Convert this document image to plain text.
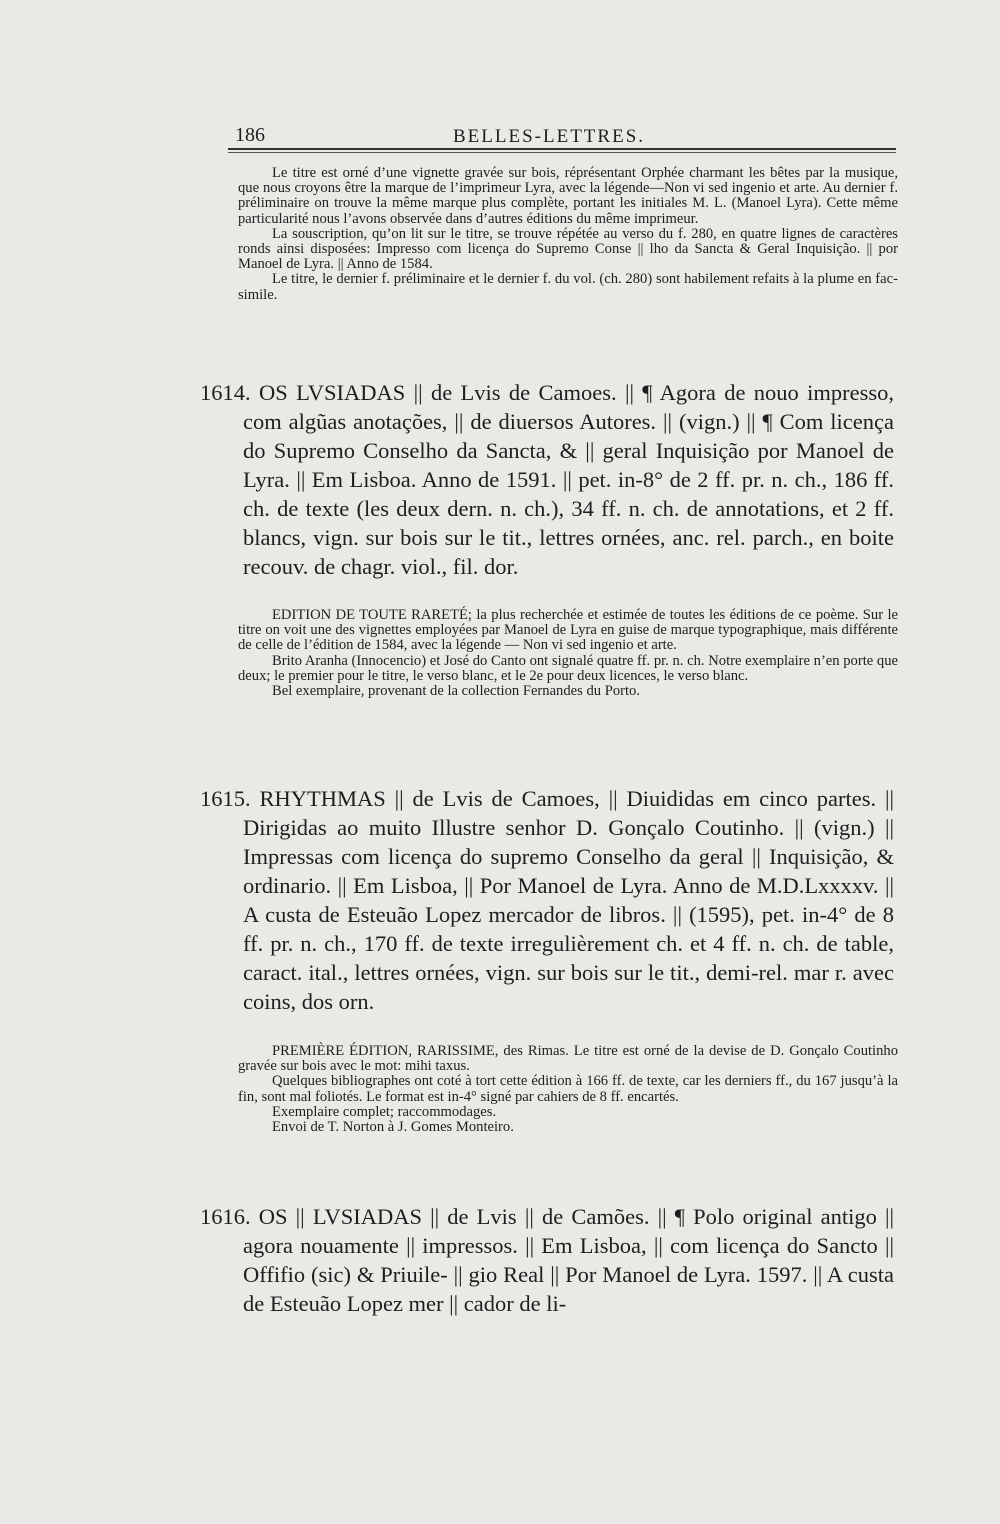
186	BELLES-LETTRES.

Le titre est orné d’une vignette gravée sur bois, réprésentant Orphée charmant les bêtes par la musique, que nous croyons être la marque de l’imprimeur Lyra, avec la légende—Non vi sed ingenio et arte. Au dernier f. préliminaire on trouve la même marque plus complète, portant les initiales M. L. (Manoel Lyra). Cette même particularité nous l’avons observée dans d’autres éditions du même imprimeur.

La souscription, qu’on lit sur le titre, se trouve répétée au verso du f. 280, en quatre lignes de caractères ronds ainsi disposées: Impresso com licença do Supremo Conse || lho da Sancta & Geral Inquisição. || por Manoel de Lyra. || Anno de 1584.

Le titre, le dernier f. préliminaire et le dernier f. du vol. (ch. 280) sont habilement refaits à la plume en fac-simile.

1614. OS LVSIADAS || de Lvis de Camoes. || ¶ Agora de nouo impresso, com algũas anotações, || de diuersos Autores. || (vign.) || ¶ Com licença do Supremo Conselho da Sancta, & || geral Inquisição por Manoel de Lyra. || Em Lisboa. Anno de 1591. || pet. in-8° de 2 ff. pr. n. ch., 186 ff. ch. de texte (les deux dern. n. ch.), 34 ff. n. ch. de annotations, et 2 ff. blancs, vign. sur bois sur le tit., lettres ornées, anc. rel. parch., en boite recouv. de chagr. viol., fil. dor.

EDITION DE TOUTE RARETÉ; la plus recherchée et estimée de toutes les éditions de ce poème. Sur le titre on voit une des vignettes employées par Manoel de Lyra en guise de marque typographique, mais différente de celle de l’édition de 1584, avec la légende — Non vi sed ingenio et arte.

Brito Aranha (Innocencio) et José do Canto ont signalé quatre ff. pr. n. ch. Notre exemplaire n’en porte que deux; le premier pour le titre, le verso blanc, et le 2e pour deux licences, le verso blanc.

Bel exemplaire, provenant de la collection Fernandes du Porto.

1615. RHYTHMAS || de Lvis de Camoes, || Diuididas em cinco partes. || Dirigidas ao muito Illustre senhor D. Gonçalo Coutinho. || (vign.) || Impressas com licença do supremo Conselho da geral || Inquisição, & ordinario. || Em Lisboa, || Por Manoel de Lyra. Anno de M.D.Lxxxxv. || A custa de Esteuão Lopez mercador de libros. || (1595), pet. in-4° de 8 ff. pr. n. ch., 170 ff. de texte irregulièrement ch. et 4 ff. n. ch. de table, caract. ital., lettres ornées, vign. sur bois sur le tit., demi-rel. mar r. avec coins, dos orn.

PREMIÈRE ÉDITION, RARISSIME, des Rimas. Le titre est orné de la devise de D. Gonçalo Coutinho gravée sur bois avec le mot: mihi taxus.

Quelques bibliographes ont coté à tort cette édition à 166 ff. de texte, car les derniers ff., du 167 jusqu’à la fin, sont mal foliotés. Le format est in-4° signé par cahiers de 8 ff. encartés.

Exemplaire complet; raccommodages.

Envoi de T. Norton à J. Gomes Monteiro.

1616. OS || LVSIADAS || de Lvis || de Camões. || ¶ Polo original antigo || agora nouamente || impressos. || Em Lisboa, || com licença do Sancto || Offifio (sic) & Priuile- || gio Real || Por Manoel de Lyra. 1597. || A custa de Esteuão Lopez mer || cador de li-
